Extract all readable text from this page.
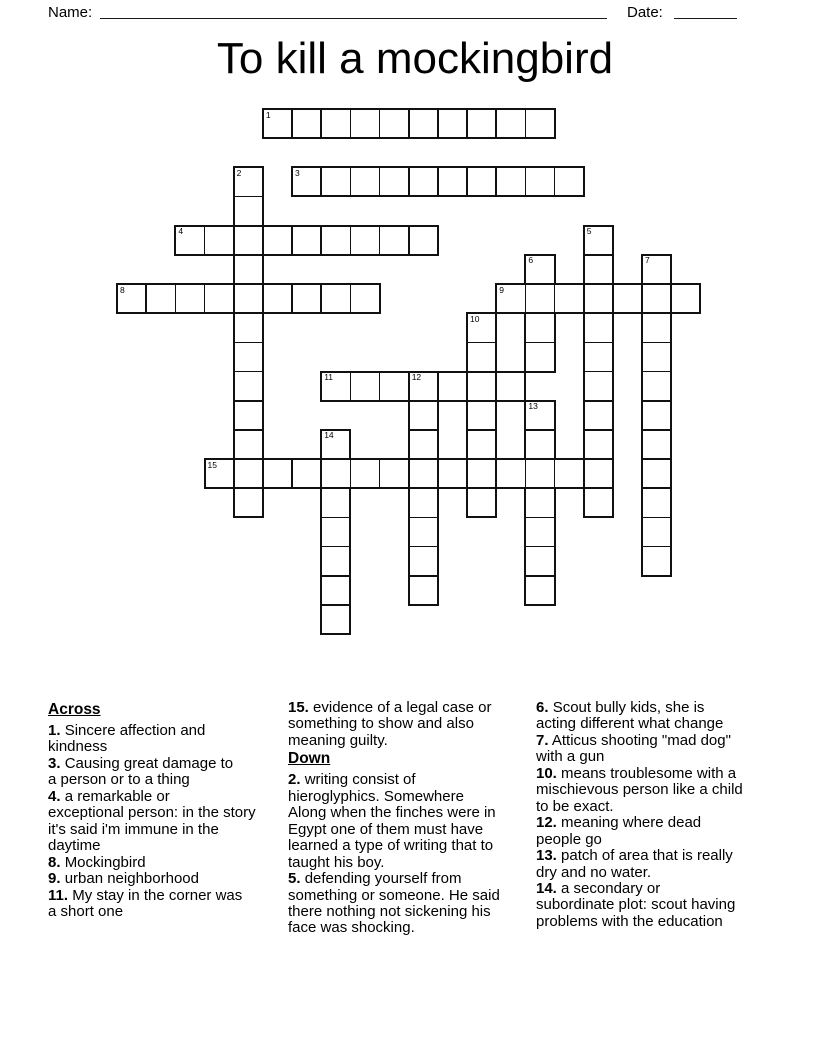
Name:	Date:
To kill a mockingbird
1
2	3
4	5
6	7
8	9
10
11	12
13
14
15
Across
1. Sincere affection and
kindness
3. Causing great damage to
a person or to a thing
4. a remarkable or
exceptional person: in the story
it's said i'm immune in the
daytime
8. Mockingbird
9. urban neighborhood
11. My stay in the corner was
a short one
15. evidence of a legal case or
something to show and also
meaning guilty.
Down
2. writing consist of
hieroglyphics. Somewhere
Along when the finches were in
Egypt one of them must have
learned a type of writing that to
taught his boy.
5. defending yourself from
something or someone. He said
there nothing not sickening his
face was shocking.
6. Scout bully kids, she is
acting different what change
7. Atticus shooting "mad dog"
with a gun
10. means troublesome with a
mischievous person like a child
to be exact.
12. meaning where dead
people go
13. patch of area that is really
dry and no water.
14. a secondary or
subordinate plot: scout having
problems with the education
